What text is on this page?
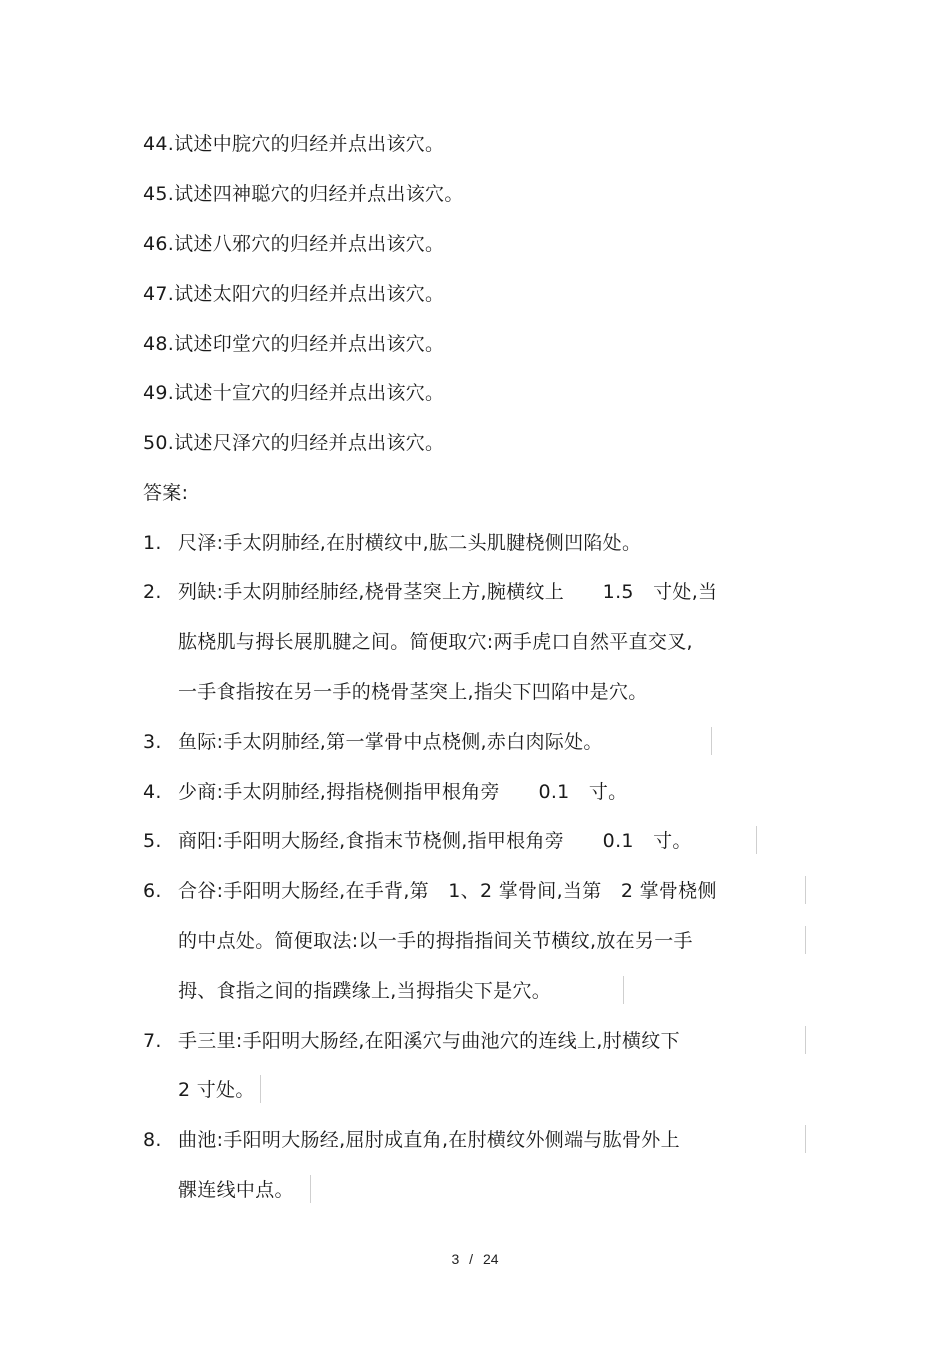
44.试述中脘穴的归经并点出该穴。
45.试述四神聪穴的归经并点出该穴。
46.试述八邪穴的归经并点出该穴。
47.试述太阳穴的归经并点出该穴。
48.试述印堂穴的归经并点出该穴。
49.试述十宣穴的归经并点出该穴。
50.试述尺泽穴的归经并点出该穴。
答案:
1. 尺泽:手太阴肺经,在肘横纹中,肱二头肌腱桡侧凹陷处。
2. 列缺:手太阴肺经肺经,桡骨茎突上方,腕横纹上　　1.5　寸处,当
肱桡肌与拇长展肌腱之间。简便取穴:两手虎口自然平直交叉,
一手食指按在另一手的桡骨茎突上,指尖下凹陷中是穴。
3. 鱼际:手太阴肺经,第一掌骨中点桡侧,赤白肉际处。
4. 少商:手太阴肺经,拇指桡侧指甲根角旁　　0.1　寸。
5. 商阳:手阳明大肠经,食指末节桡侧,指甲根角旁　　0.1　寸。
6. 合谷:手阳明大肠经,在手背,第　1、2 掌骨间,当第　2 掌骨桡侧
的中点处。简便取法:以一手的拇指指间关节横纹,放在另一手
拇、食指之间的指蹼缘上,当拇指尖下是穴。
7. 手三里:手阳明大肠经,在阳溪穴与曲池穴的连线上,肘横纹下
2 寸处。
8. 曲池:手阳明大肠经,屈肘成直角,在肘横纹外侧端与肱骨外上
髁连线中点。
3 / 24
